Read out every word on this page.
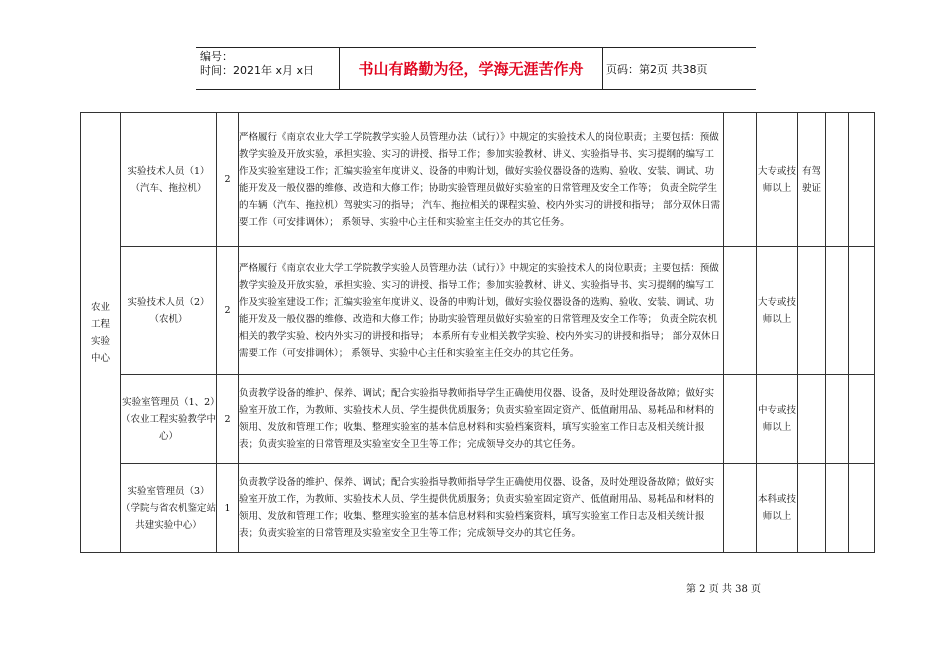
编号：
时间：2021年 x月 x日	书山有路勤为径，学海无涯苦作舟	页码：第2页 共38页
农业工程实验中心	实验技术人员（1）（汽车、拖拉机）	2	严格履行《南京农业大学工学院教学实验人员管理办法（试行）》中规定的实验技术人的岗位职责；主要包括：预做教学实验及开放实验，承担实验、实习的讲授、指导工作；参加实验教材、讲义、实验指导书、实习提纲的编写工作及实验室建设工作；汇编实验室年度讲义、设备的申购计划，做好实验仪器设备的选购、验收、安装、调试、功能开发及一般仪器的维修、改造和大修工作；协助实验管理员做好实验室的日常管理及安全工作等； 负责全院学生的车辆（汽车、拖拉机）驾驶实习的指导； 汽车、拖拉相关的课程实验、校内外实习的讲授和指导； 部分双休日需要工作（可安排调休）； 系领导、实验中心主任和实验室主任交办的其它任务。		大专或技师以上	有驾驶证		
	实验技术人员（2）（农机）	2	严格履行《南京农业大学工学院教学实验人员管理办法（试行）》中规定的实验技术人的岗位职责；主要包括：预做教学实验及开放实验，承担实验、实习的讲授、指导工作；参加实验教材、讲义、实验指导书、实习提纲的编写工作及实验室建设工作；汇编实验室年度讲义、设备的申购计划，做好实验仪器设备的选购、验收、安装、调试、功能开发及一般仪器的维修、改造和大修工作；协助实验管理员做好实验室的日常管理及安全工作等； 负责全院农机相关的教学实验、校内外实习的讲授和指导； 本系所有专业相关教学实验、校内外实习的讲授和指导； 部分双休日需要工作（可安排调休）； 系领导、实验中心主任和实验室主任交办的其它任务。		大专或技师以上			
	实验室管理员（1、2）（农业工程实验教学中心）	2	负责教学设备的维护、保养、调试；配合实验指导教师指导学生正确使用仪器、设备，及时处理设备故障；做好实验室开放工作，为教师、实验技术人员、学生提供优质服务；负责实验室固定资产、低值耐用品、易耗品和材料的领用、发放和管理工作；收集、整理实验室的基本信息材料和实验档案资料，填写实验室工作日志及相关统计报表；负责实验室的日常管理及实验室安全卫生等工作；完成领导交办的其它任务。		中专或技师以上			
	实验室管理员（3）（学院与省农机鉴定站共建实验中心）	1	负责教学设备的维护、保养、调试；配合实验指导教师指导学生正确使用仪器、设备，及时处理设备故障；做好实验室开放工作，为教师、实验技术人员、学生提供优质服务；负责实验室固定资产、低值耐用品、易耗品和材料的领用、发放和管理工作；收集、整理实验室的基本信息材料和实验档案资料，填写实验室工作日志及相关统计报表；负责实验室的日常管理及实验室安全卫生等工作；完成领导交办的其它任务。		本科或技师以上			
第 2 页 共 38 页
